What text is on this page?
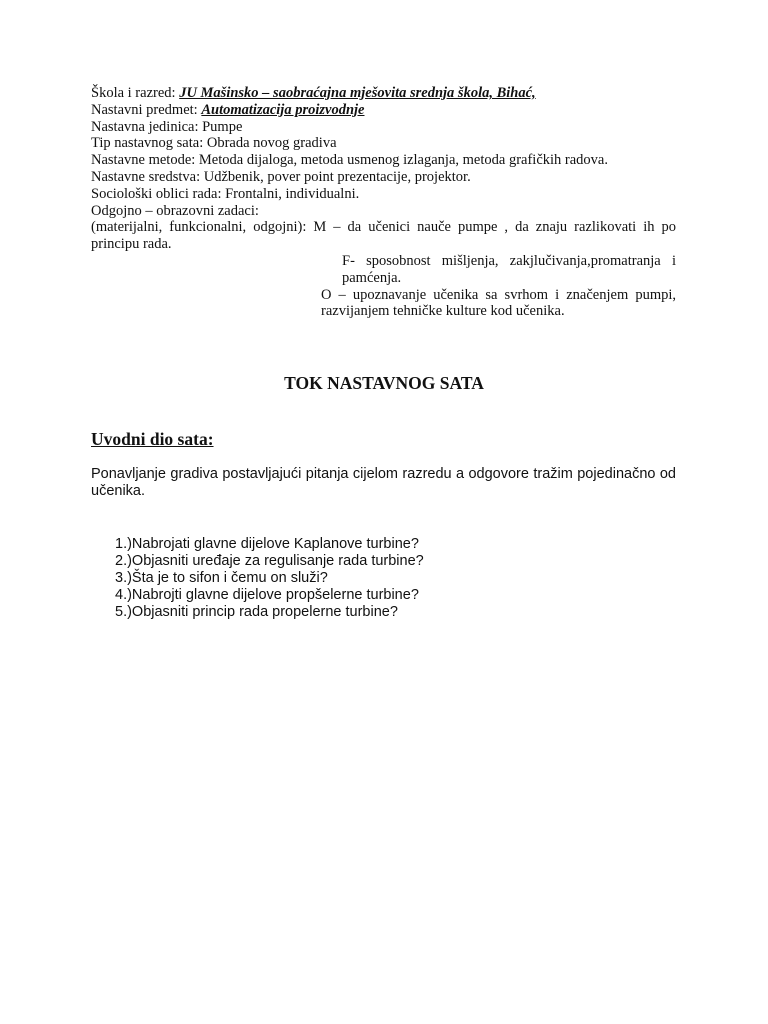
Škola i razred: JU Mašinsko – saobraćajna mješovita srednja škola, Bihać,
Nastavni predmet: Automatizacija proizvodnje
Nastavna jedinica: Pumpe
Tip nastavnog sata: Obrada novog gradiva
Nastavne metode: Metoda dijaloga, metoda usmenog izlaganja, metoda grafičkih radova.
Nastavne sredstva: Udžbenik, pover point prezentacije, projektor.
Sociološki oblici rada: Frontalni, individualni.
Odgojno – obrazovni zadaci:
(materijalni, funkcionalni, odgojni): M – da učenici nauče pumpe , da znaju razlikovati ih po principu rada.
F- sposobnost mišljenja, zakjlučivanja,promatranja i pamćenja.
O – upoznavanje učenika sa svrhom i značenjem pumpi, razvijanjem tehničke kulture kod učenika.
TOK NASTAVNOG SATA
Uvodni dio sata:
Ponavljanje gradiva postavljajući pitanja cijelom razredu a odgovore tražim pojedinačno od učenika.
1.)Nabrojati glavne dijelove Kaplanove turbine?
2.)Objasniti uređaje za regulisanje rada turbine?
3.)Šta je to sifon i čemu on služi?
4.)Nabrojti glavne dijelove propšelerne turbine?
5.)Objasniti princip rada propelerne turbine?
